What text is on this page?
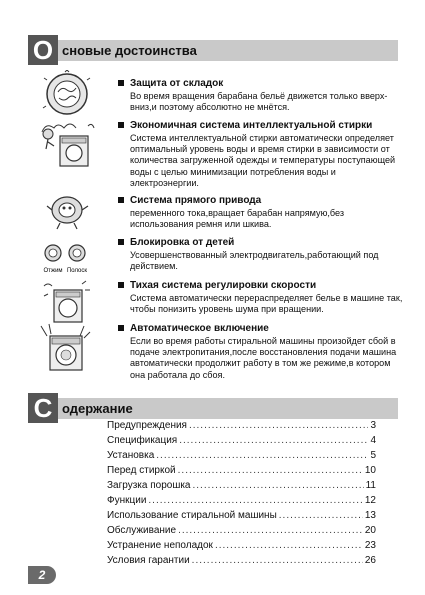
О сновые достоинства
Отжим Полоск
Защита от складок
Во время вращения барабана бельё движется только вверх-
вниз,и поэтому абсолютно не мнётся.
Экономичная система интеллектуальной стирки
Система интеллектуальной стирки автоматически определяет
оптимальный уровень воды и время стирки в зависимости от
количества загруженной одежды и температуры поступающей
воды с целью минимизации потребления воды и
электроэнергии.
Система прямого привода
переменного тока,вращает барабан напрямую,без
использования ремня или шкива.
Блокировка от детей
Усовершенствованный электродвигатель,работающий под
действием.
Тихая система регулировки скорости
Система автоматически перераспределяет белье в машине так,
чтобы понизить уровень шума при вращении.
Автоматическое включение
Если во время работы стиральной машины произойдет сбой в
подаче электропитания,после восстановления подачи машина
автоматически продолжит работу в том же режиме,в котором
она работала до сбоя.
С одержание
Предупреждения .....	3
Спецификация .....	4
Установка .....	5
Перед стиркой .....	10
Загрузка порошка .....	11
Функции .....	12
Использование стиральной машины .....	13
Обслуживание .....	20
Устранение неполадок .....	23
Условия гарантии .....	26
2
